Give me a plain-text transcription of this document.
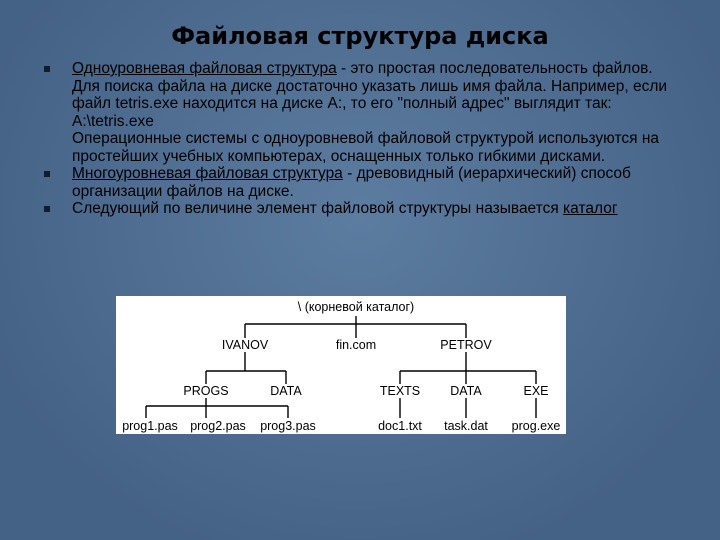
Файловая структура диска
Одноуровневая файловая структура - это простая последовательность файлов. Для поиска файла на диске достаточно указать лишь имя файла. Например, если файл tetris.exe находится на диске А:, то его "полный адрес" выглядит так: A:\tetris.exe
Операционные системы с одноуровневой файловой структурой используются на простейших учебных компьютерах, оснащенных только гибкими дисками.
Многоуровневая файловая структура - древовидный (иерархический) способ организации файлов на диске.
Следующий по величине элемент файловой структуры называется каталог
\ (корневой каталог)
IVANOV	fin.com	PETROV
PROGS	DATA	TEXTS DATA	EXE
prog1.pas prog2.pas prog3.pas	doc1.txt task.dat prog.exe
